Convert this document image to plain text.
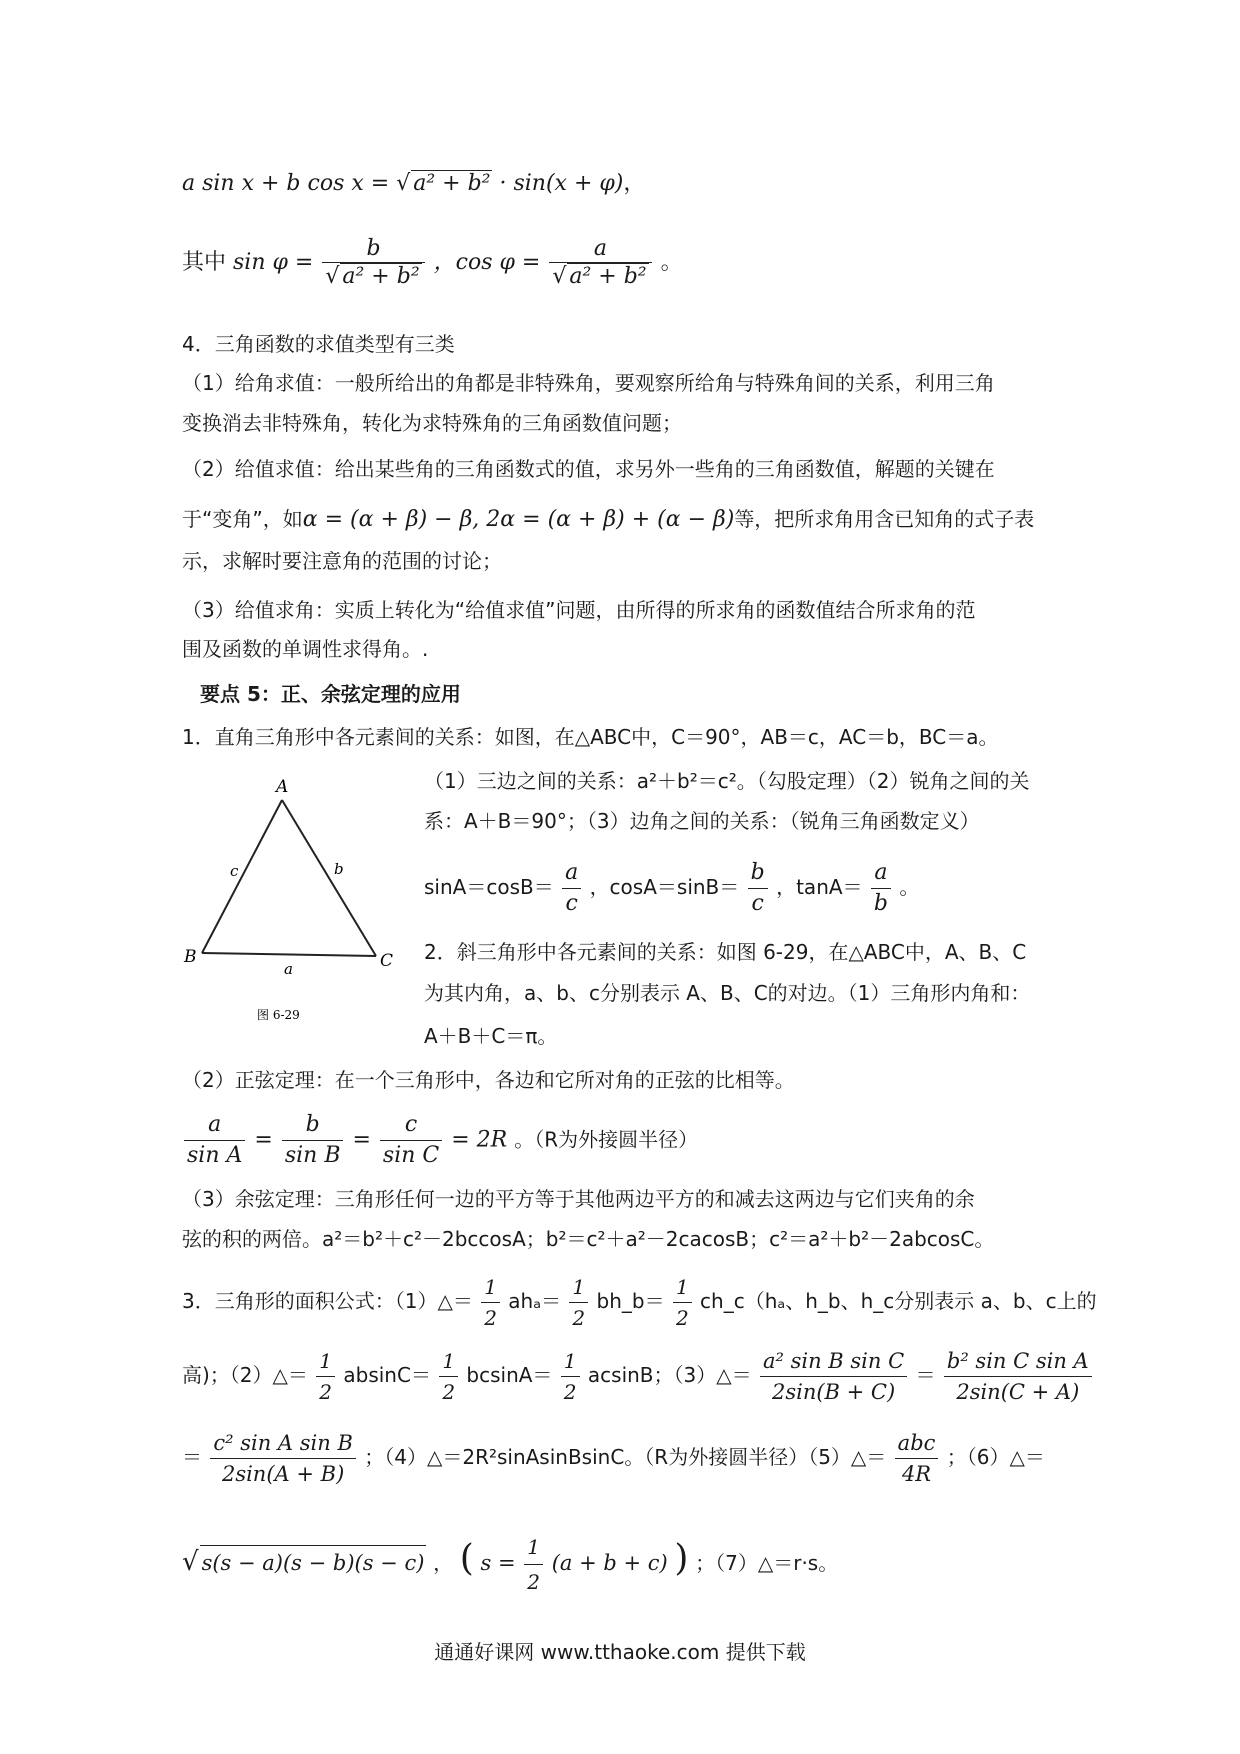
a sin x + b cos x = √ a² + b² · sin(x + φ)，
其中 $\sin \varphi = \frac{b}{\text{√ a² + b²}}$ ，$\cos \varphi = \frac{a}{\text{√ a² + b²}}$ 。
4．三角函数的求值类型有三类
（1）给角求值：一般所给出的角都是非特殊角，要观察所给角与特殊角间的关系，利用三角
变换消去非特殊角，转化为求特殊角的三角函数值问题；
（2）给值求值：给出某些角的三角函数式的值，求另外一些角的三角函数值，解题的关键在
于“变角”，如α = (α + β) − β, 2α = (α + β) + (α − β)等，把所求角用含已知角的式子表
示，求解时要注意角的范围的讨论；
（3）给值求角：实质上转化为“给值求值”问题，由所得的所求角的函数值结合所求角的范
围及函数的单调性求得角。.
要点 5：正、余弦定理的应用
1．直角三角形中各元素间的关系：如图，在△ABC中，C＝90°，AB＝c，AC＝b，BC＝a。
A
B	C
a
b
c
图 6-29
（1）三边之间的关系：a²＋b²＝c²。（勾股定理）（2）锐角之间的关
系：A＋B＝90°；（3）边角之间的关系：（锐角三角函数定义）
$\sin A=\cos B= \frac{a}{c}$ ，$\cos A=\sin B= \frac{b}{c}$ ，$\tan A= \frac{a}{b}$ 。
2．斜三角形中各元素间的关系：如图 6-29，在△ABC中，A、B、C
为其内角，a、b、c分别表示 A、B、C的对边。（1）三角形内角和：
A＋B＋C＝π。
（2）正弦定理：在一个三角形中，各边和它所对角的正弦的比相等。
$\frac{a}{\text{sin A}} = \frac{b}{\text{sin B}} = \frac{c}{\text{sin C}} = 2R$ 。（R为外接圆半径）
（3）余弦定理：三角形任何一边的平方等于其他两边平方的和减去这两边与它们夹角的余
弦的积的两倍。a²＝b²＋c²－2bccosA；b²＝c²＋a²－2cacosB；c²＝a²＋b²－2abcosC。
3．三角形的面积公式：（1）△＝ $\frac{1}{2} ah_a= \frac{1}{2}$ bh_b＝ $\frac{1}{2}$ ch_c（hₐ、h_b、h_c分别表示 a、b、c上的
高)；（2）△＝ $\frac{1}{2} absinC= \frac{1}{2} bcsinA= \frac{1}{2}$ acsinB；（3）△＝ $\frac{\text{a² sin B sin C}}{2\sin(B + C)} = \frac{\text{b² sin C sin A}}{2\sin(C + A)}$
＝ $\frac{\text{c² sin A sin B}}{2\sin(A + B)}$ ；（4）△＝2R²sinAsinBsinC。（R为外接圆半径）（5）△＝ $\frac{\text{abc}}{4R}$ ；（6）△＝
√ s(s − a)(s − b)(s − c) ， ( $s = \frac{1}{2} (a + b + c)$ ) ；（7）△＝r·s。
通通好课网 www.tthaoke.com 提供下载
